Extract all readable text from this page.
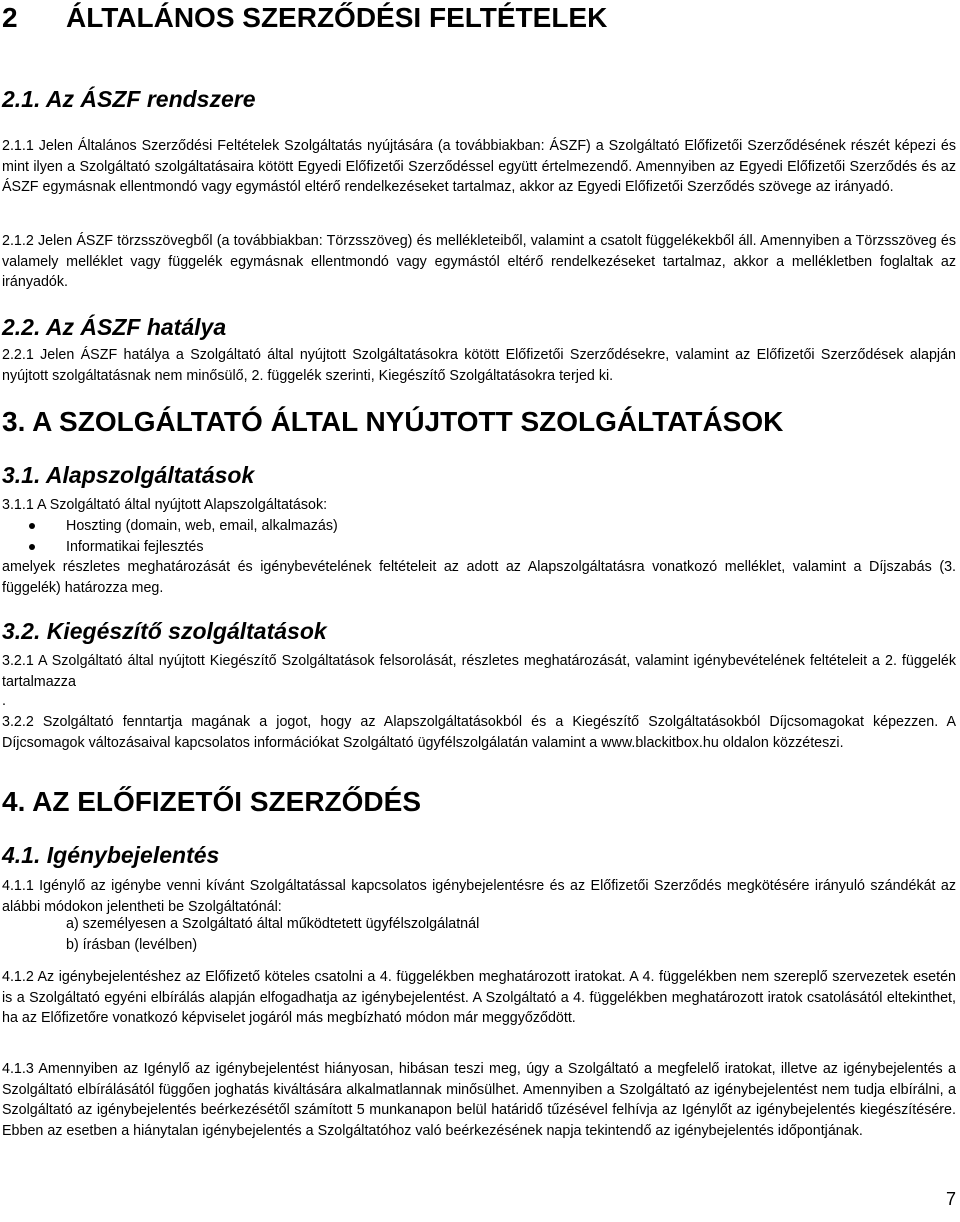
2 ÁLTALÁNOS SZERZŐDÉSI FELTÉTELEK
2.1. Az ÁSZF rendszere

2.1.1 Jelen Általános Szerződési Feltételek Szolgáltatás nyújtására (a továbbiakban: ÁSZF) a Szolgáltató Előfizetői Szerződésének részét képezi és mint ilyen a Szolgáltató szolgáltatásaira kötött Egyedi Előfizetői Szerződéssel együtt értelmezendő. Amennyiben az Egyedi Előfizetői Szerződés és az ÁSZF egymásnak ellentmondó vagy egymástól eltérő rendelkezéseket tartalmaz, akkor az Egyedi Előfizetői Szerződés szövege az irányadó.

2.1.2 Jelen ÁSZF törzsszövegből (a továbbiakban: Törzsszöveg) és mellékleteiből, valamint a csatolt függelékekből áll. Amennyiben a Törzsszöveg és valamely melléklet vagy függelék egymásnak ellentmondó vagy egymástól eltérő rendelkezéseket tartalmaz, akkor a mellékletben foglaltak az irányadók.

2.2. Az ÁSZF hatálya

2.2.1 Jelen ÁSZF hatálya a Szolgáltató által nyújtott Szolgáltatásokra kötött Előfizetői Szerződésekre, valamint az Előfizetői Szerződések alapján nyújtott szolgáltatásnak nem minősülő, 2. függelék szerinti, Kiegészítő Szolgáltatásokra terjed ki.

3. A SZOLGÁLTATÓ ÁLTAL NYÚJTOTT SZOLGÁLTATÁSOK
3.1. Alapszolgáltatások

3.1.1 A Szolgáltató által nyújtott Alapszolgáltatások:

Hoszting (domain, web, email, alkalmazás)
Informatikai fejlesztés

amelyek részletes meghatározását és igénybevételének feltételeit az adott az Alapszolgáltatásra vonatkozó melléklet, valamint a Díjszabás (3. függelék) határozza meg.

3.2. Kiegészítő szolgáltatások

3.2.1 A Szolgáltató által nyújtott Kiegészítő Szolgáltatások felsorolását, részletes meghatározását, valamint igénybevételének feltételeit a 2. függelék tartalmazza

.

3.2.2 Szolgáltató fenntartja magának a jogot, hogy az Alapszolgáltatásokból és a Kiegészítő Szolgáltatásokból Díjcsomagokat képezzen. A Díjcsomagok változásaival kapcsolatos információkat Szolgáltató ügyfélszolgálatán valamint a www.blackitbox.hu oldalon közzéteszi.

4. AZ ELŐFIZETŐI SZERZŐDÉS
4.1. Igénybejelentés

4.1.1 Igénylő az igénybe venni kívánt Szolgáltatással kapcsolatos igénybejelentésre és az Előfizetői Szerződés megkötésére irányuló szándékát az alábbi módokon jelentheti be Szolgáltatónál:

a) személyesen a Szolgáltató által működtetett ügyfélszolgálatnál
b) írásban (levélben)

4.1.2 Az igénybejelentéshez az Előfizető köteles csatolni a 4. függelékben meghatározott iratokat. A 4. függelékben nem szereplő szervezetek esetén is a Szolgáltató egyéni elbírálás alapján elfogadhatja az igénybejelentést. A Szolgáltató a 4. függelékben meghatározott iratok csatolásától eltekinthet, ha az Előfizetőre vonatkozó képviselet jogáról más megbízható módon már meggyőződött.

4.1.3 Amennyiben az Igénylő az igénybejelentést hiányosan, hibásan teszi meg, úgy a Szolgáltató a megfelelő iratokat, illetve az igénybejelentés a Szolgáltató elbírálásától függően joghatás kiváltására alkalmatlannak minősülhet. Amennyiben a Szolgáltató az igénybejelentést nem tudja elbírálni, a Szolgáltató az igénybejelentés beérkezésétől számított 5 munkanapon belül határidő tűzésével felhívja az Igénylőt az igénybejelentés kiegészítésére. Ebben az esetben a hiánytalan igénybejelentés a Szolgáltatóhoz való beérkezésének napja tekintendő az igénybejelentés időpontjának.

7
